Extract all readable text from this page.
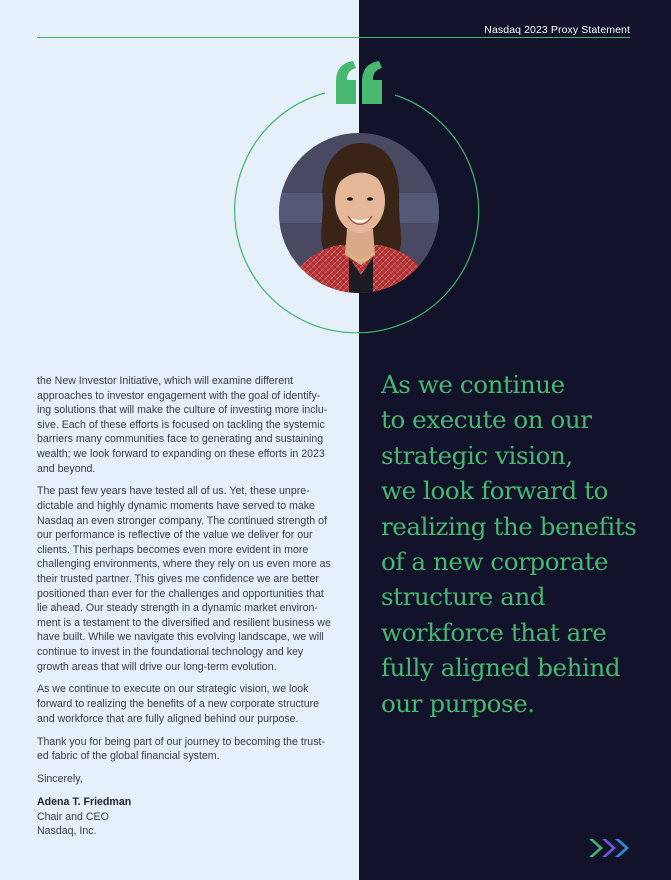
Nasdaq 2023 Proxy Statement

the New Investor Initiative, which will examine different approaches to investor engagement with the goal of identify-ing solutions that will make the culture of investing more inclu-sive. Each of these efforts is focused on tackling the systemic barriers many communities face to generating and sustaining wealth; we look forward to expanding on these efforts in 2023 and beyond.

The past few years have tested all of us. Yet, these unpre-dictable and highly dynamic moments have served to make Nasdaq an even stronger company. The continued strength of our performance is reflective of the value we deliver for our clients. This perhaps becomes even more evident in more challenging environments, where they rely on us even more as their trusted partner. This gives me confidence we are better positioned than ever for the challenges and opportunities that lie ahead. Our steady strength in a dynamic market environ-ment is a testament to the diversified and resilient business we have built. While we navigate this evolving landscape, we will continue to invest in the foundational technology and key growth areas that will drive our long-term evolution.

As we continue to execute on our strategic vision, we look forward to realizing the benefits of a new corporate structure and workforce that are fully aligned behind our purpose.

Thank you for being part of our journey to becoming the trust-ed fabric of the global financial system.

Sincerely,

Adena T. Friedman

Chair and CEO

Nasdaq, Inc.

As we continue
to execute on our
strategic vision,
we look forward to
realizing the benefits
of a new corporate
structure and
workforce that are
fully aligned behind
our purpose.
